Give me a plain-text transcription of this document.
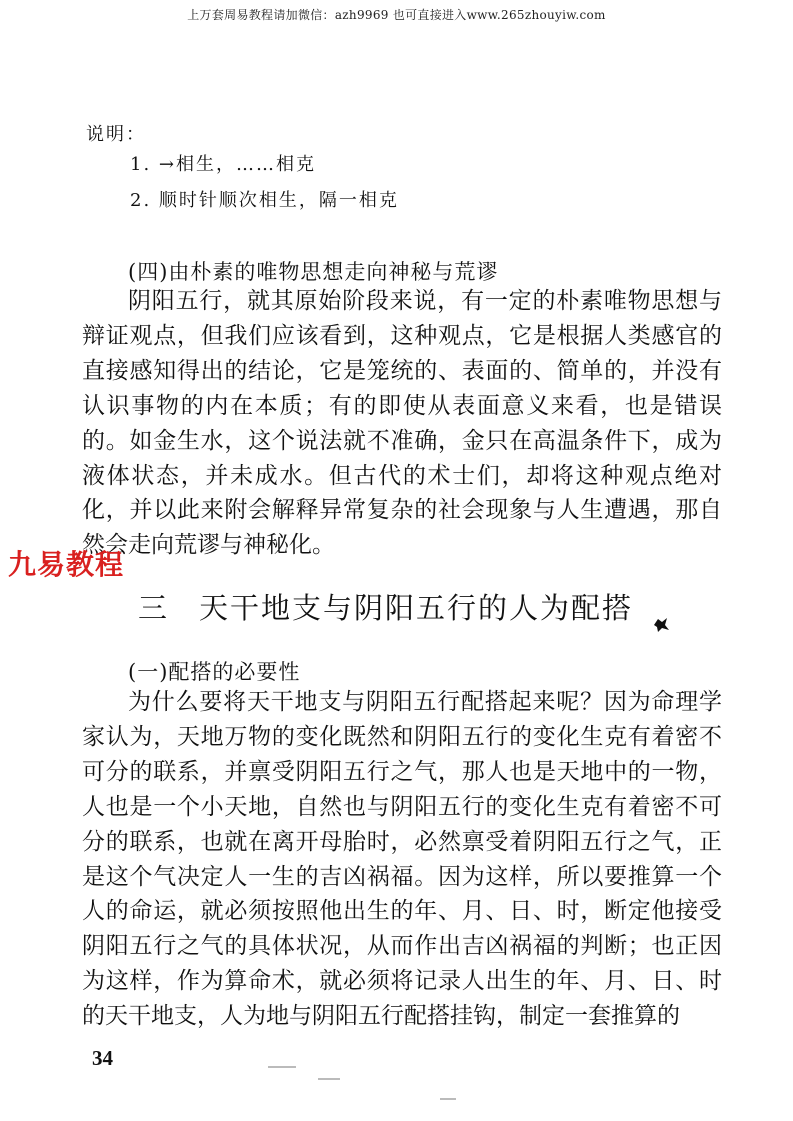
上万套周易教程请加微信：azh9969 也可直接进入www.265zhouyiw.com
说明：
1. →相生，……相克
2. 顺时针顺次相生，隔一相克
(四)由朴素的唯物思想走向神秘与荒谬

阴阳五行，就其原始阶段来说，有一定的朴素唯物思想与辩证观点，但我们应该看到，这种观点，它是根据人类感官的直接感知得出的结论，它是笼统的、表面的、简单的，并没有认识事物的内在本质；有的即使从表面意义来看，也是错误的。如金生水，这个说法就不准确，金只在高温条件下，成为液体状态，并未成水。但古代的术士们，却将这种观点绝对化，并以此来附会解释异常复杂的社会现象与人生遭遇，那自然会走向荒谬与神秘化。

九易教程
三 天干地支与阴阳五行的人为配搭
(一)配搭的必要性

为什么要将天干地支与阴阳五行配搭起来呢？因为命理学家认为，天地万物的变化既然和阴阳五行的变化生克有着密不可分的联系，并禀受阴阳五行之气，那人也是天地中的一物，人也是一个小天地，自然也与阴阳五行的变化生克有着密不可分的联系，也就在离开母胎时，必然禀受着阴阳五行之气，正是这个气决定人一生的吉凶祸福。因为这样，所以要推算一个人的命运，就必须按照他出生的年、月、日、时，断定他接受阴阳五行之气的具体状况，从而作出吉凶祸福的判断；也正因为这样，作为算命术，就必须将记录人出生的年、月、日、时的天干地支，人为地与阴阳五行配搭挂钩，制定一套推算的

34
